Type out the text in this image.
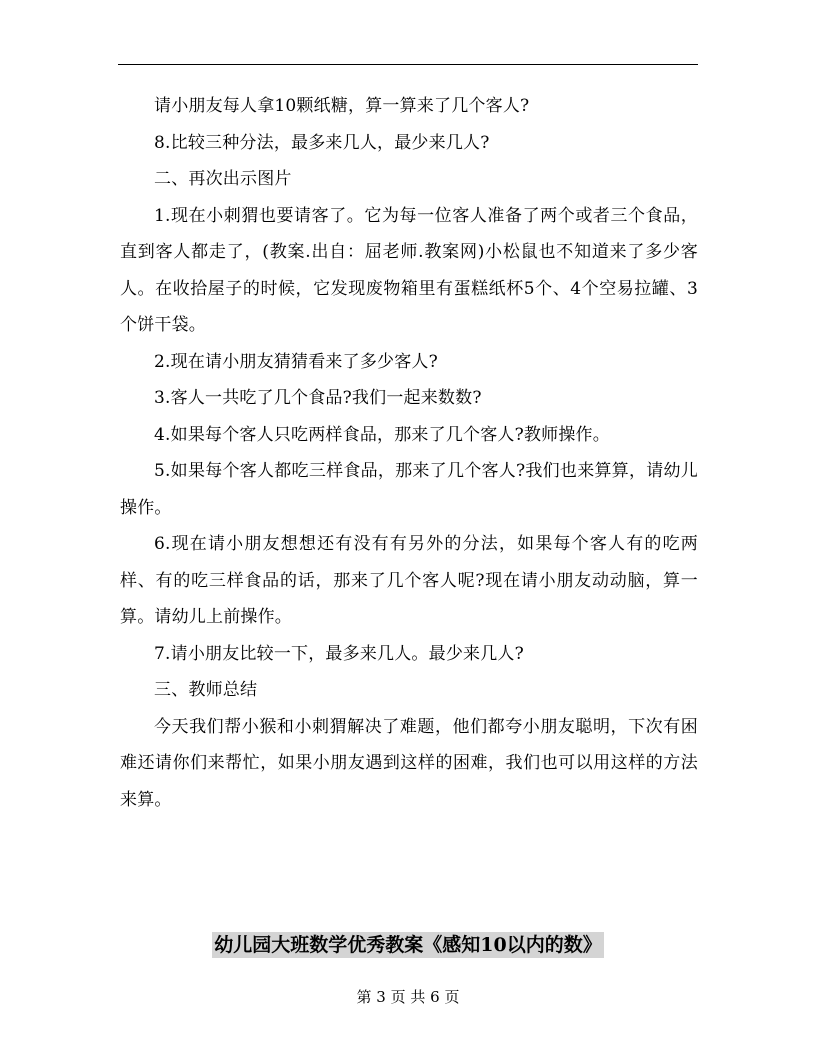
请小朋友每人拿10颗纸糖，算一算来了几个客人?

8.比较三种分法，最多来几人，最少来几人?

二、再次出示图片

1.现在小刺猬也要请客了。它为每一位客人准备了两个或者三个食品，直到客人都走了，(教案.出自：屈老师.教案网)小松鼠也不知道来了多少客人。在收拾屋子的时候，它发现废物箱里有蛋糕纸杯5个、4个空易拉罐、3个饼干袋。

2.现在请小朋友猜猜看来了多少客人?

3.客人一共吃了几个食品?我们一起来数数?

4.如果每个客人只吃两样食品，那来了几个客人?教师操作。

5.如果每个客人都吃三样食品，那来了几个客人?我们也来算算，请幼儿操作。

6.现在请小朋友想想还有没有有另外的分法，如果每个客人有的吃两样、有的吃三样食品的话，那来了几个客人呢?现在请小朋友动动脑，算一算。请幼儿上前操作。

7.请小朋友比较一下，最多来几人。最少来几人?

三、教师总结

今天我们帮小猴和小刺猬解决了难题，他们都夸小朋友聪明，下次有困难还请你们来帮忙，如果小朋友遇到这样的困难，我们也可以用这样的方法来算。

幼儿园大班数学优秀教案《感知10以内的数》
第 3 页 共 6 页
